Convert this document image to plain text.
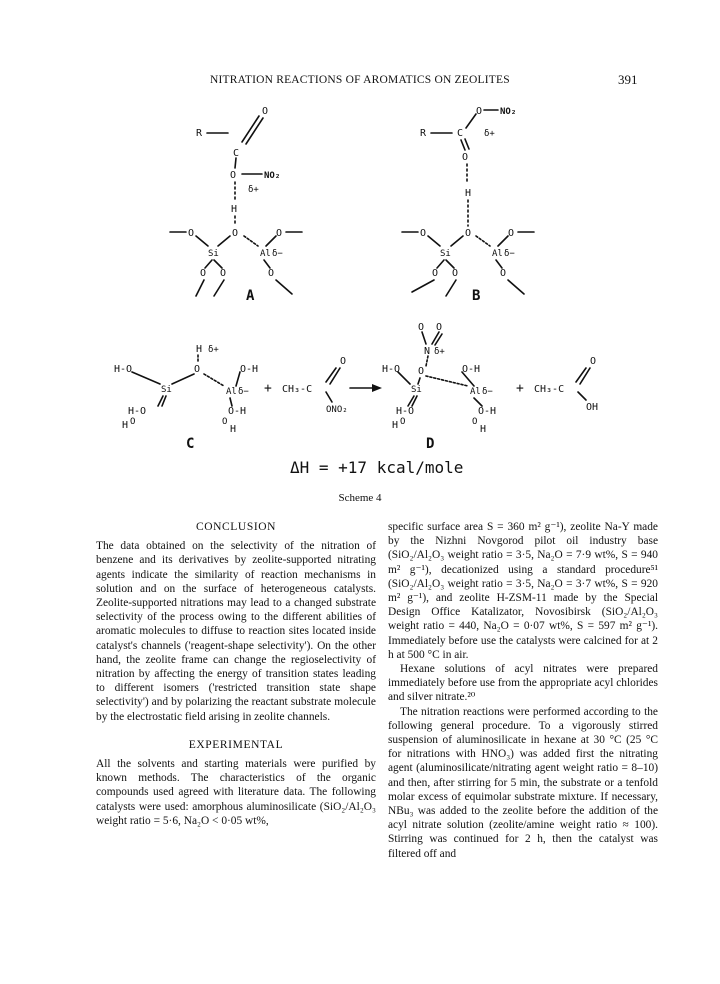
NITRATION REACTIONS OF AROMATICS ON ZEOLITES	391
O
R
C
O	NO₂
δ+
H
O	O	O
Si	Al δ−
O O	O
A
O NO₂
R	C δ+
O
H
O	O	O
Si	Al δ−
O O	O
B
H δ+
H-O	O	O-H
Si	Al δ−
H-O	O-H
H O	O
H
C
+ CH₃-C
O
ONO₂
O O
N δ+
H-O O	O-H
Si	Al δ−
H-O	O-H
H O	O
H
D
+ CH₃-C
O
OH
ΔH = +17 kcal/mole
Scheme 4
CONCLUSION

The data obtained on the selectivity of the nitration of benzene and its derivatives by zeolite-supported nitrating agents indicate the similarity of reaction mechanisms in solution and on the surface of heterogeneous catalysts. Zeolite-supported nitrations may lead to a changed substrate selectivity of the process owing to the different abilities of aromatic molecules to diffuse to reaction sites located inside catalyst's channels ('reagent-shape selectivity'). On the other hand, the zeolite frame can change the regioselectivity of nitration by affecting the energy of transition states leading to different isomers ('restricted transition state shape selectivity') and by polarizing the reactant substrate molecule by the electrostatic field arising in zeolite channels.

EXPERIMENTAL

All the solvents and starting materials were purified by known methods. The characteristics of the organic compounds used agreed with literature data. The following catalysts were used: amorphous aluminosilicate (SiO₂/Al₂O₃ weight ratio = 5·6, Na₂O < 0·05 wt%,

specific surface area S = 360 m² g⁻¹), zeolite Na-Y made by the Nizhni Novgorod pilot oil industry base (SiO₂/Al₂O₃ weight ratio = 3·5, Na₂O = 7·9 wt%, S = 940 m² g⁻¹), decationized using a standard procedure⁵¹ (SiO₂/Al₂O₃ weight ratio = 3·5, Na₂O = 3·7 wt%, S = 920 m² g⁻¹), and zeolite H-ZSM-11 made by the Special Design Office Katalizator, Novosibirsk (SiO₂/Al₂O₃ weight ratio = 440, Na₂O = 0·07 wt%, S = 597 m² g⁻¹). Immediately before use the catalysts were calcined for at 2 h at 500 °C in air.

Hexane solutions of acyl nitrates were prepared immediately before use from the appropriate acyl chlorides and silver nitrate.²⁰

The nitration reactions were performed according to the following general procedure. To a vigorously stirred suspension of aluminosilicate in hexane at 30 °C (25 °C for nitrations with HNO₃) was added first the nitrating agent (aluminosilicate/nitrating agent weight ratio = 8–10) and then, after stirring for 5 min, the substrate or a tenfold molar excess of equimolar substrate mixture. If necessary, NBu₃ was added to the zeolite before the addition of the acyl nitrate solution (zeolite/amine weight ratio ≈ 100). Stirring was continued for 2 h, then the catalyst was filtered off and
